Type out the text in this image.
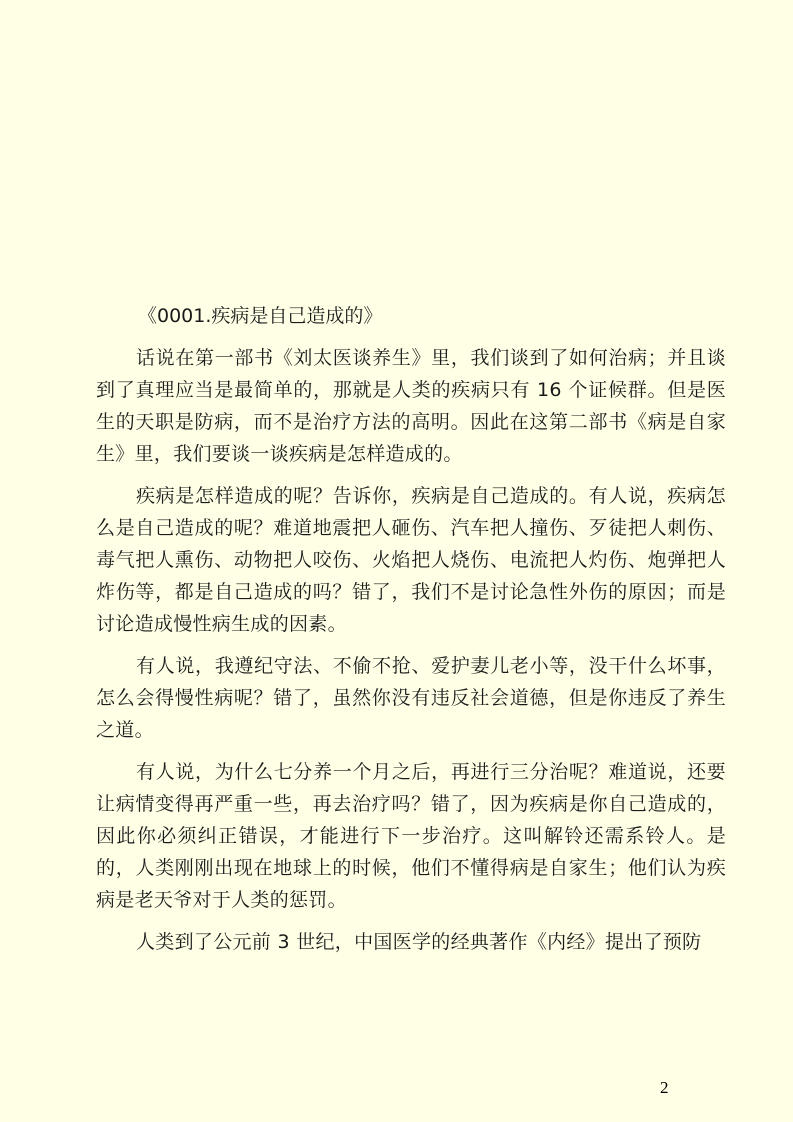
《0001.疾病是自己造成的》

话说在第一部书《刘太医谈养生》里，我们谈到了如何治病；并且谈到了真理应当是最简单的，那就是人类的疾病只有 16 个证候群。但是医生的天职是防病，而不是治疗方法的高明。因此在这第二部书《病是自家生》里，我们要谈一谈疾病是怎样造成的。

疾病是怎样造成的呢？告诉你，疾病是自己造成的。有人说，疾病怎么是自己造成的呢？难道地震把人砸伤、汽车把人撞伤、歹徒把人刺伤、毒气把人熏伤、动物把人咬伤、火焰把人烧伤、电流把人灼伤、炮弹把人炸伤等，都是自己造成的吗？错了，我们不是讨论急性外伤的原因；而是讨论造成慢性病生成的因素。

有人说，我遵纪守法、不偷不抢、爱护妻儿老小等，没干什么坏事，怎么会得慢性病呢？错了，虽然你没有违反社会道德，但是你违反了养生之道。

有人说，为什么七分养一个月之后，再进行三分治呢？难道说，还要让病情变得再严重一些，再去治疗吗？错了，因为疾病是你自己造成的，因此你必须纠正错误，才能进行下一步治疗。这叫解铃还需系铃人。是的，人类刚刚出现在地球上的时候，他们不懂得病是自家生；他们认为疾病是老天爷对于人类的惩罚。

人类到了公元前 3 世纪，中国医学的经典著作《内经》提出了预防

2
